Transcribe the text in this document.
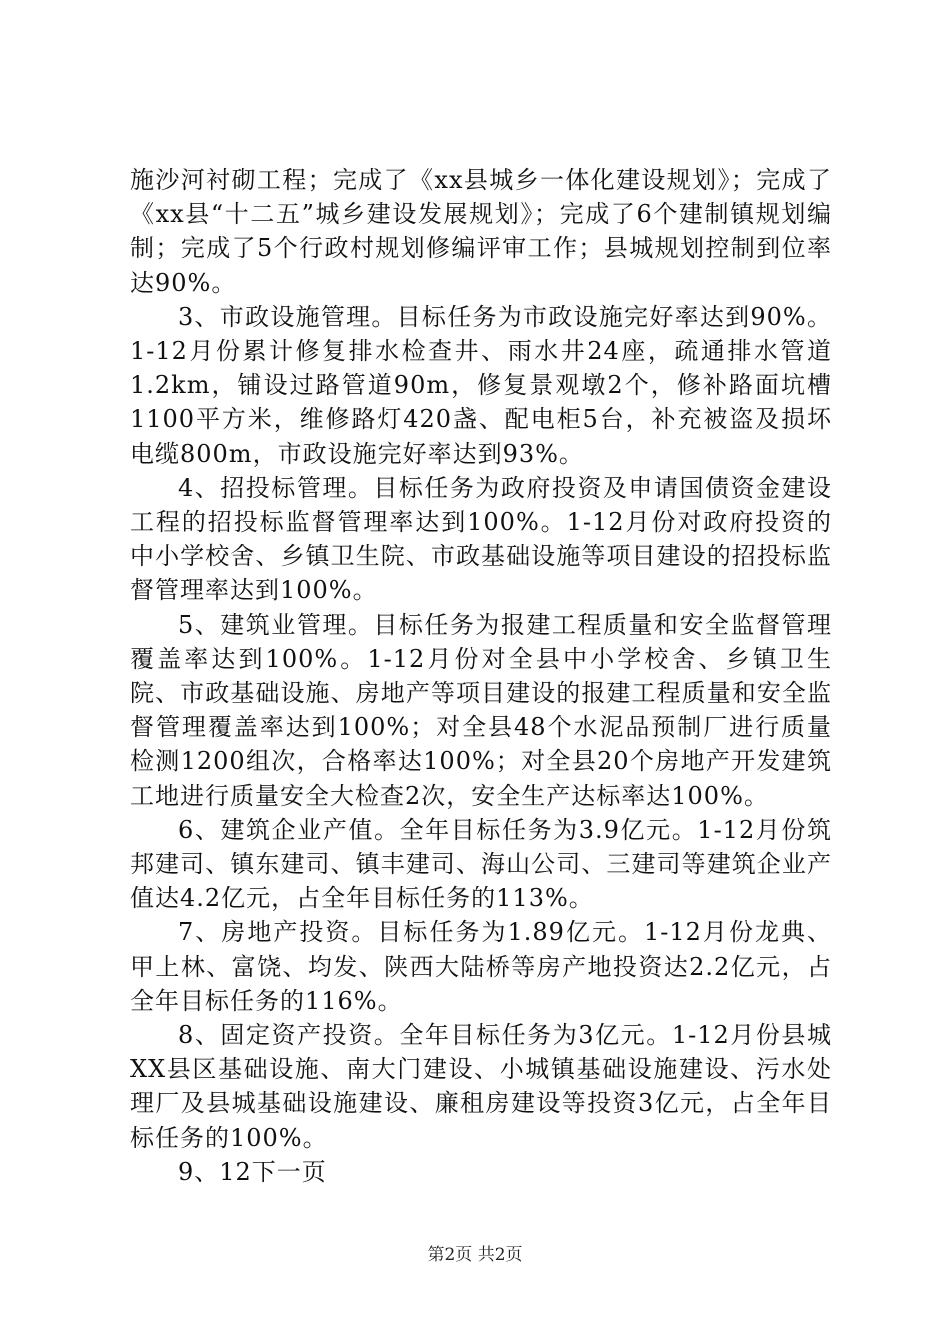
施沙河衬砌工程；完成了《xx县城乡一体化建设规划》；完成了《xx县“十二五”城乡建设发展规划》；完成了6个建制镇规划编制；完成了5个行政村规划修编评审工作；县城规划控制到位率达90%。

3、市政设施管理。目标任务为市政设施完好率达到90%。1-12月份累计修复排水检查井、雨水井24座，疏通排水管道1.2km，铺设过路管道90m，修复景观墩2个，修补路面坑槽1100平方米，维修路灯420盏、配电柜5台，补充被盗及损坏电缆800m，市政设施完好率达到93%。

4、招投标管理。目标任务为政府投资及申请国债资金建设工程的招投标监督管理率达到100%。1-12月份对政府投资的中小学校舍、乡镇卫生院、市政基础设施等项目建设的招投标监督管理率达到100%。

5、建筑业管理。目标任务为报建工程质量和安全监督管理覆盖率达到100%。1-12月份对全县中小学校舍、乡镇卫生院、市政基础设施、房地产等项目建设的报建工程质量和安全监督管理覆盖率达到100%；对全县48个水泥品预制厂进行质量检测1200组次，合格率达100%；对全县20个房地产开发建筑工地进行质量安全大检查2次，安全生产达标率达100%。

6、建筑企业产值。全年目标任务为3.9亿元。1-12月份筑邦建司、镇东建司、镇丰建司、海山公司、三建司等建筑企业产值达4.2亿元，占全年目标任务的113%。

7、房地产投资。目标任务为1.89亿元。1-12月份龙典、甲上林、富饶、均发、陕西大陆桥等房产地投资达2.2亿元，占全年目标任务的116%。

8、固定资产投资。全年目标任务为3亿元。1-12月份县城XX县区基础设施、南大门建设、小城镇基础设施建设、污水处理厂及县城基础设施建设、廉租房建设等投资3亿元，占全年目标任务的100%。

9、12下一页

第2页 共2页
